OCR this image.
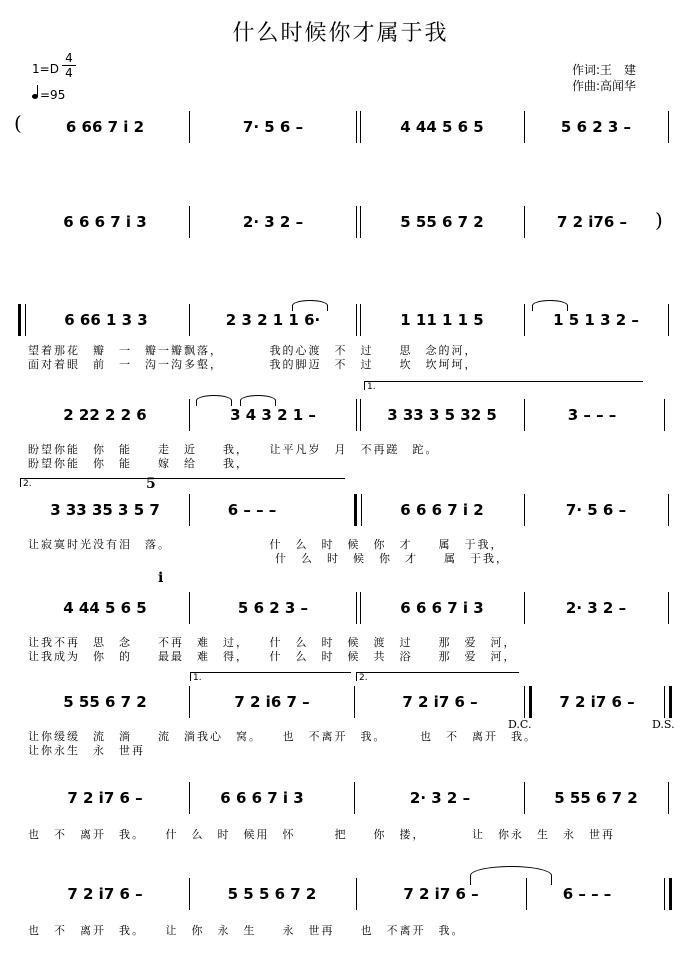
什么时候你才属于我
1=D
4
4
=95
作词:王　建
作曲:高闻华
(	6 66 7 i 2	7· 5 6 –	4 44 5 6 5	5 6 2 3 –
6 6 6 7 i 3	2· 3 2 –	5 55 6 7 2	7 2 i76 –	)
6 66 1 3 3	2 3 2 1 1 6·	1 11 1 1 5	1 5 1 3 2 –
望着那花　瓣　一　瓣一瓣飘落，　　　　我的心渡　不　过　　思　念的河，
面对着眼　前　一　沟一沟多壑，　　　　我的脚迈　不　过　　坎　坎坷坷，
1.
2 22 2 2 6	3 4 3 2 1 –	3 33 3 5 32 5	3 – – –
盼望你能　你　能　　走　近　　我，　　让平凡岁　月　不再蹉　跎。
盼望你能　你　能　　嫁　给　　我，
2.	5
3 33 35 3 5 7	6 – – –	6 6 6 7 i 2	7· 5 6 –
让寂寞时光没有泪　落。　　　　　　　　什　么　时　候　你　才　　属　于我，
　　　　　　　　　　　　　　　　　　　什　么　时　候　你　才　　属　于我，
i
4 44 5 6 5	5 6 2 3 –	6 6 6 7 i 3	2· 3 2 –
让我不再　思　念　　不再　难　过，　　什　么　时　候　渡　过　　那　爱　河，
让我成为　你　的　　最最　难　得，　　什　么　时　候　共　浴　　那　爱　河，
1.	2.
5 55 6 7 2	7 2 i6 7 –	7 2 i7 6 –	7 2 i7 6 –
D.C.	D.S.
让你缓缓　流　淌　　流　淌我心　窝。　　也　不离开　我。　　　也　不　离开　我。
让你永生　永　世再
7 2 i7 6 –	6 6 6 7 i 3	2· 3 2 –	5 55 6 7 2
也　不　离开　我。　　什　么　时　候用　怀　　　把　　你　搂，　　　　让　你永　生　永　世再
7 2 i7 6 –	5 5 5 6 7 2	7 2 i7 6 –	6 – – –
也　不　离开　我。　　让　你　永　生　　永　世再　　也　不离开　我。
